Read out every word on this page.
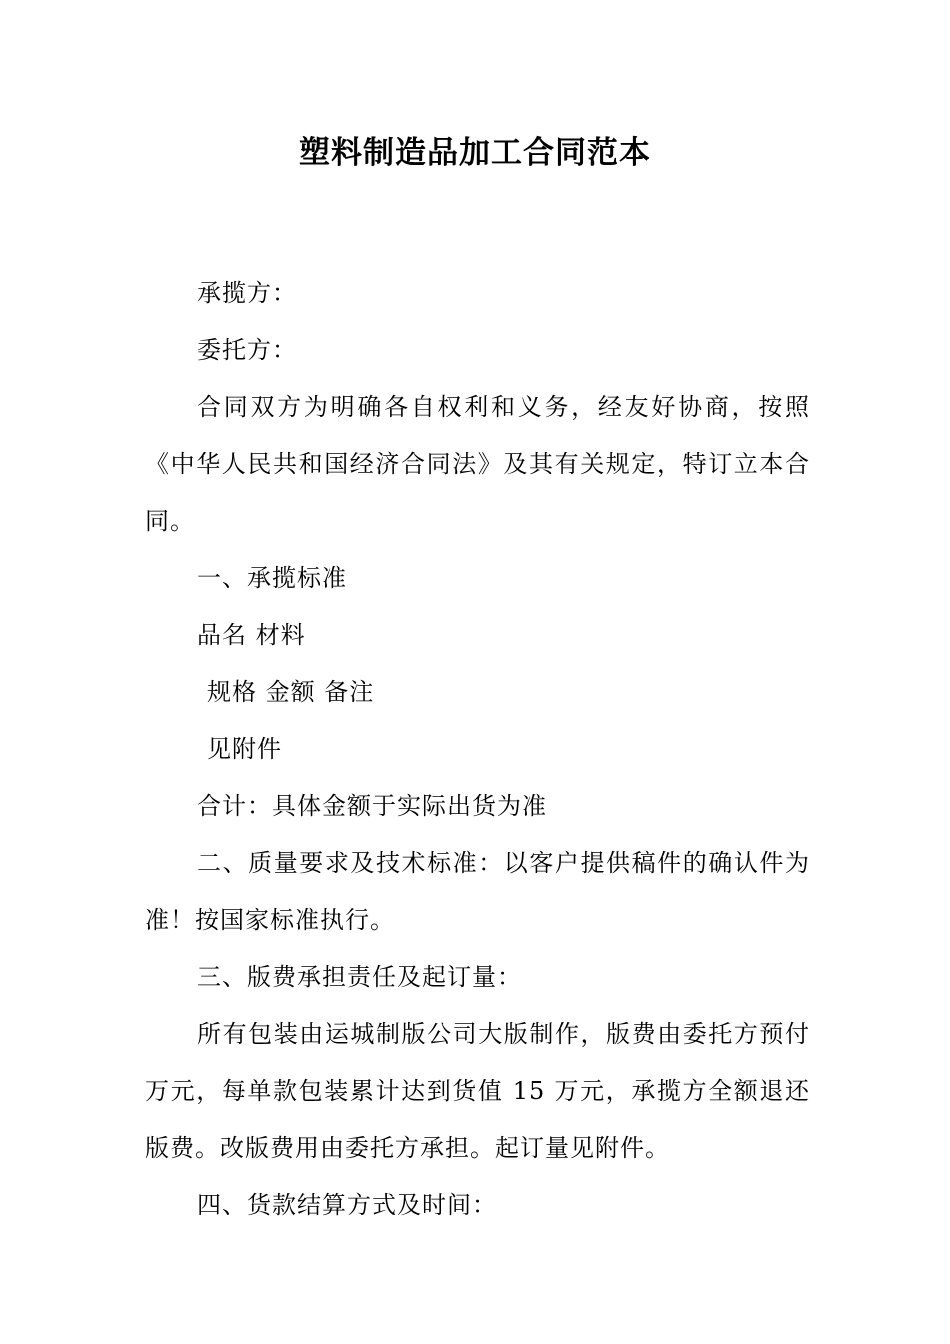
塑料制造品加工合同范本

承揽方：

委托方：

合同双方为明确各自权利和义务，经友好协商，按照《中华人民共和国经济合同法》及其有关规定，特订立本合同。

一、承揽标准

品名 材料

规格 金额 备注

见附件

合计：具体金额于实际出货为准

二、质量要求及技术标准：以客户提供稿件的确认件为准！按国家标准执行。

三、版费承担责任及起订量：

所有包装由运城制版公司大版制作，版费由委托方预付　万元，每单款包装累计达到货值 15 万元，承揽方全额退还版费。改版费用由委托方承担。起订量见附件。

四、货款结算方式及时间：
